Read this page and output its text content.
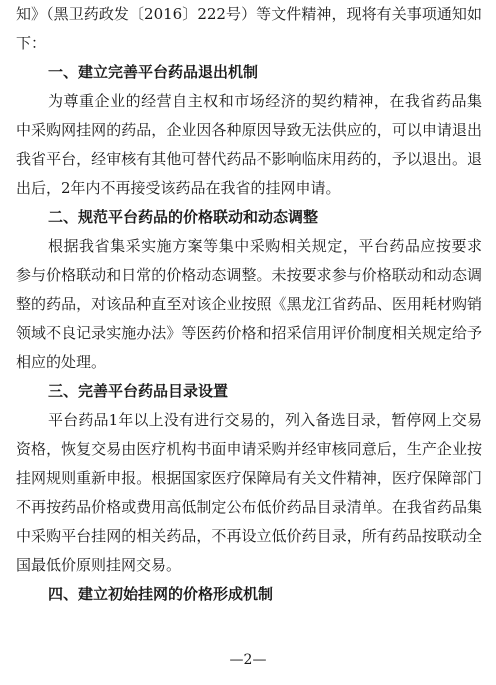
知》（黑卫药政发〔2016〕222号）等文件精神，现将有关事项通知如下：

一、建立完善平台药品退出机制

为尊重企业的经营自主权和市场经济的契约精神，在我省药品集中采购网挂网的药品，企业因各种原因导致无法供应的，可以申请退出我省平台，经审核有其他可替代药品不影响临床用药的，予以退出。退出后，2年内不再接受该药品在我省的挂网申请。

二、规范平台药品的价格联动和动态调整

根据我省集采实施方案等集中采购相关规定，平台药品应按要求参与价格联动和日常的价格动态调整。未按要求参与价格联动和动态调整的药品，对该品种直至对该企业按照《黑龙江省药品、医用耗材购销领域不良记录实施办法》等医药价格和招采信用评价制度相关规定给予相应的处理。

三、完善平台药品目录设置

平台药品1年以上没有进行交易的，列入备选目录，暂停网上交易资格，恢复交易由医疗机构书面申请采购并经审核同意后，生产企业按挂网规则重新申报。根据国家医疗保障局有关文件精神，医疗保障部门不再按药品价格或费用高低制定公布低价药品目录清单。在我省药品集中采购平台挂网的相关药品，不再设立低价药目录，所有药品按联动全国最低价原则挂网交易。

四、建立初始挂网的价格形成机制
—2—
